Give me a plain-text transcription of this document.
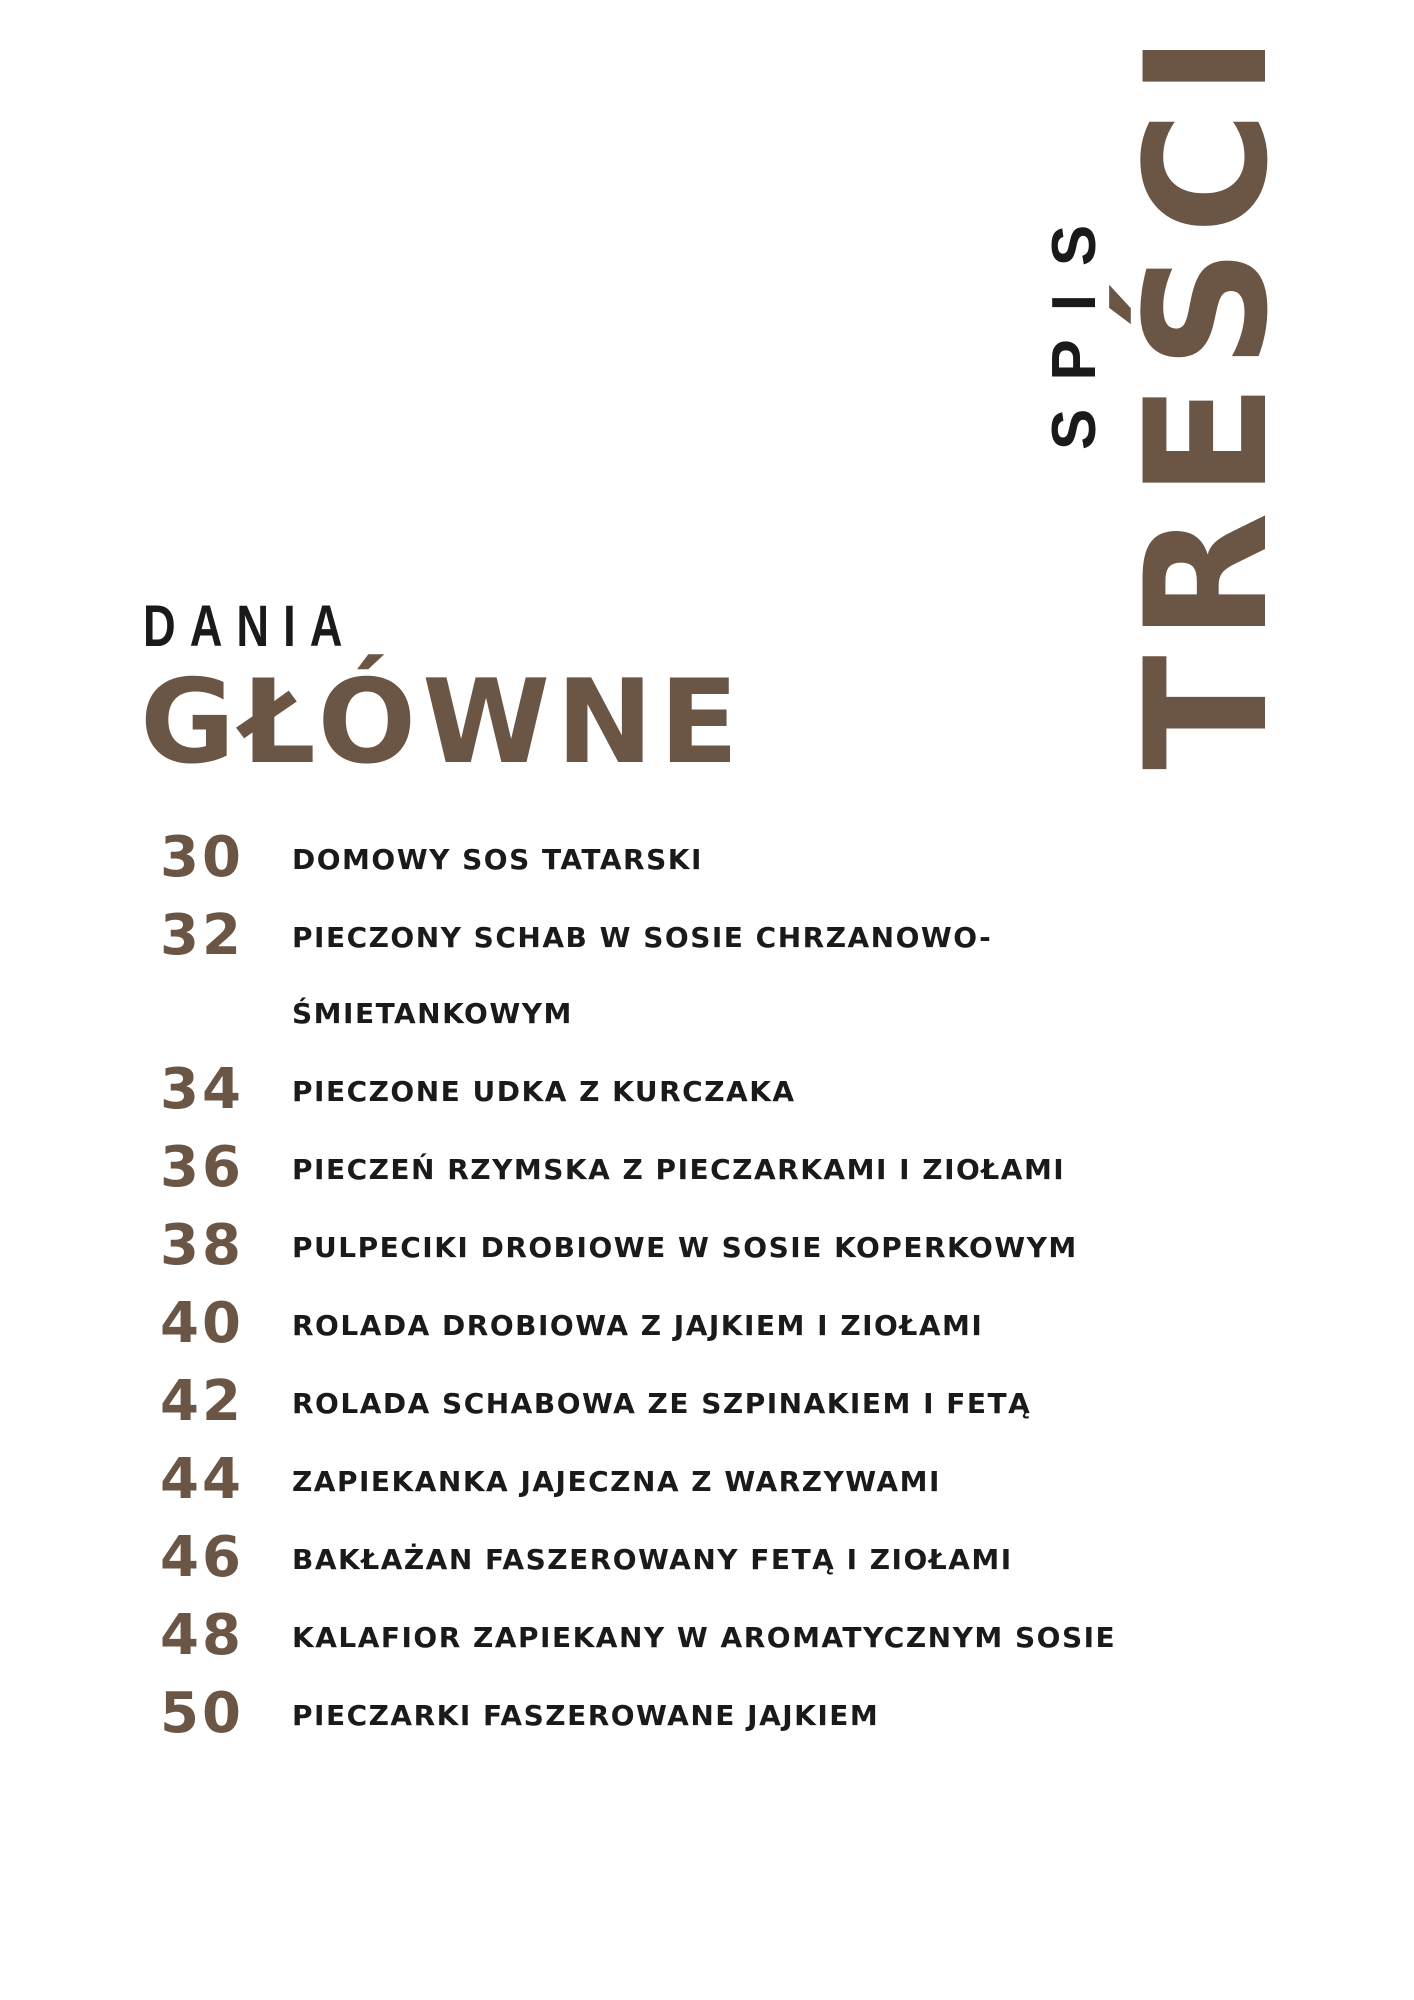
SPIS TREŚCI
DANIA
GŁÓWNE
30	DOMOWY SOS TATARSKI
32	PIECZONY SCHAB W SOSIE CHRZANOWO-ŚMIETANKOWYM
34	PIECZONE UDKA Z KURCZAKA
36	PIECZEŃ RZYMSKA Z PIECZARKAMI I ZIOŁAMI
38	PULPECIKI DROBIOWE W SOSIE KOPERKOWYM
40	ROLADA DROBIOWA Z JAJKIEM I ZIOŁAMI
42	ROLADA SCHABOWA ZE SZPINAKIEM I FETĄ
44	ZAPIEKANKA JAJECZNA Z WARZYWAMI
46	BAKŁAŻAN FASZEROWANY FETĄ I ZIOŁAMI
48	KALAFIOR ZAPIEKANY W AROMATYCZNYM SOSIE
50	PIECZARKI FASZEROWANE JAJKIEM
